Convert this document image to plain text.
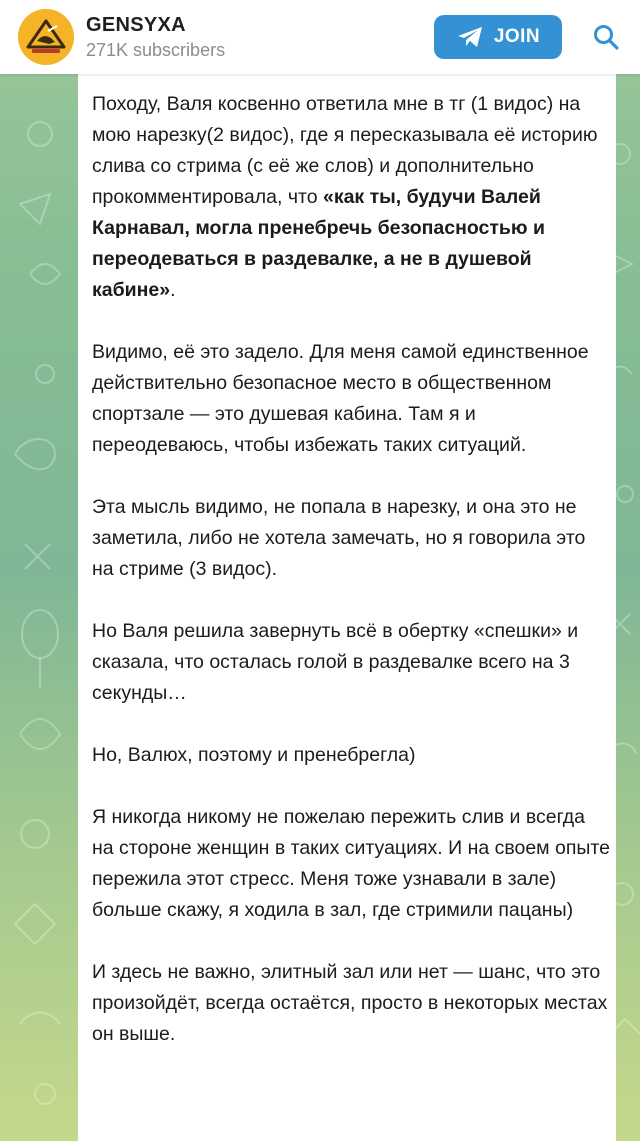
GENSYXA
271K subscribers
JOIN

Походу, Валя косвенно ответила мне в тг (1 видос) на мою нарезку(2 видос), где я пересказывала её историю слива со стрима (с её же слов) и дополнительно прокомментировала, что «как ты, будучи Валей Карнавал, могла пренебречь безопасностью и переодеваться в раздевалке, а не в душевой кабине».

Видимо, её это задело. Для меня самой единственное действительно безопасное место в общественном спортзале — это душевая кабина. Там я и переодеваюсь, чтобы избежать таких ситуаций.

Эта мысль видимо, не попала в нарезку, и она это не заметила, либо не хотела замечать, но я говорила это на стриме (3 видос).

Но Валя решила завернуть всё в обертку «спешки» и сказала, что осталась голой в раздевалке всего на 3 секунды…

Но, Валюх, поэтому и пренебрегла)

Я никогда никому не пожелаю пережить слив и всегда на стороне женщин в таких ситуациях. И на своем опыте пережила этот стресс. Меня тоже узнавали в зале) больше скажу, я ходила в зал, где стримили пацаны)

И здесь не важно, элитный зал или нет — шанс, что это произойдёт, всегда остаётся, просто в некоторых местах он выше.
